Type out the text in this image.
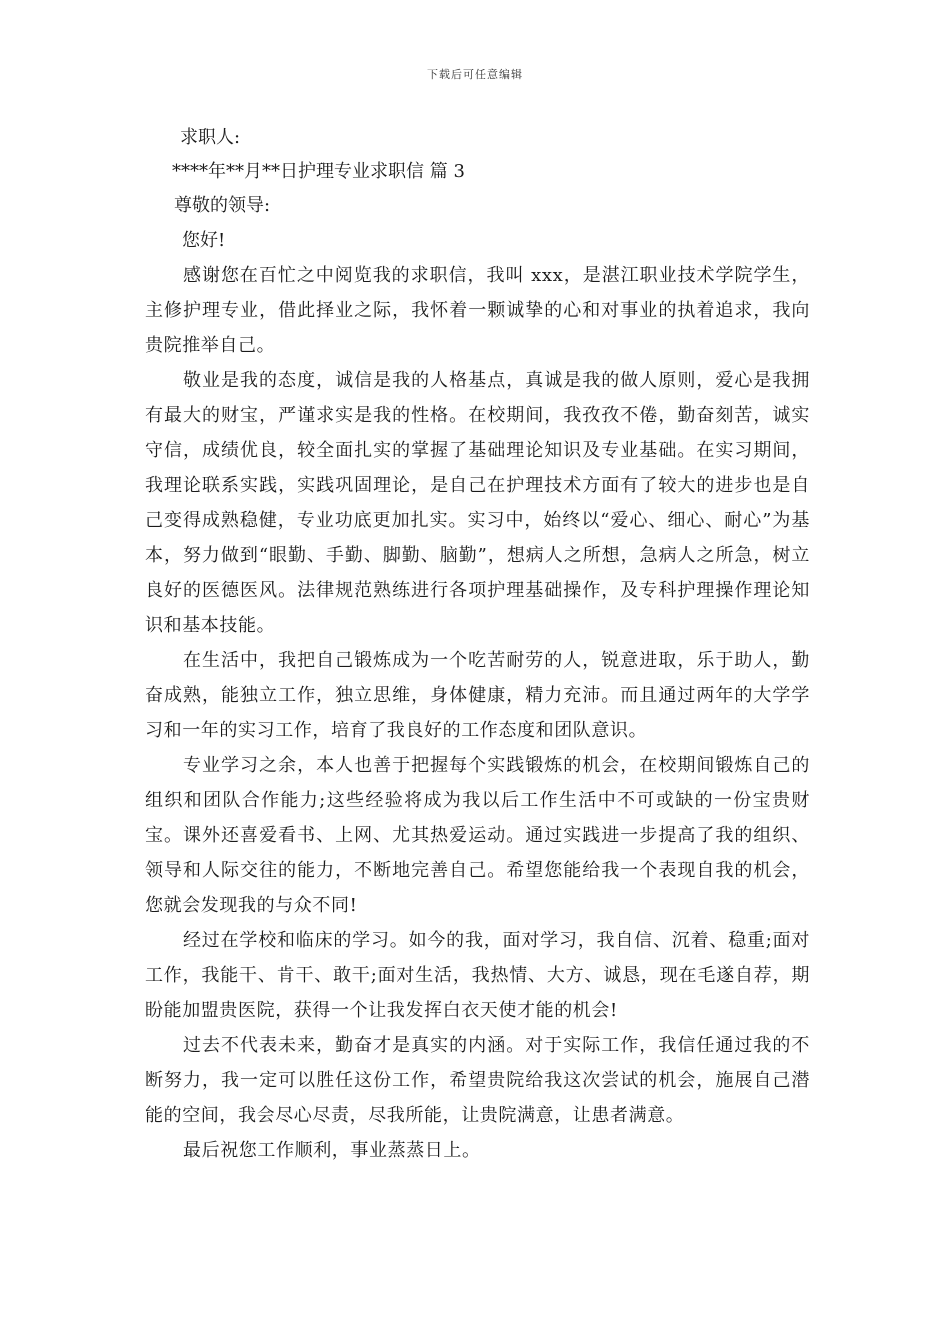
下载后可任意编辑
求职人:
****年**月**日护理专业求职信 篇 3
尊敬的领导:
您好!

感谢您在百忙之中阅览我的求职信，我叫 xxx，是湛江职业技术学院学生，主修护理专业，借此择业之际，我怀着一颗诚挚的心和对事业的执着追求，我向贵院推举自己。

敬业是我的态度，诚信是我的人格基点，真诚是我的做人原则，爱心是我拥有最大的财宝，严谨求实是我的性格。在校期间，我孜孜不倦，勤奋刻苦，诚实守信，成绩优良，较全面扎实的掌握了基础理论知识及专业基础。在实习期间，我理论联系实践，实践巩固理论，是自己在护理技术方面有了较大的进步也是自己变得成熟稳健，专业功底更加扎实。实习中，始终以“爱心、细心、耐心”为基本，努力做到“眼勤、手勤、脚勤、脑勤”，想病人之所想，急病人之所急，树立良好的医德医风。法律规范熟练进行各项护理基础操作，及专科护理操作理论知识和基本技能。

在生活中，我把自己锻炼成为一个吃苦耐劳的人，锐意进取，乐于助人，勤奋成熟，能独立工作，独立思维，身体健康，精力充沛。而且通过两年的大学学习和一年的实习工作，培育了我良好的工作态度和团队意识。

专业学习之余，本人也善于把握每个实践锻炼的机会，在校期间锻炼自己的组织和团队合作能力;这些经验将成为我以后工作生活中不可或缺的一份宝贵财宝。课外还喜爱看书、上网、尤其热爱运动。通过实践进一步提高了我的组织、领导和人际交往的能力，不断地完善自己。希望您能给我一个表现自我的机会，您就会发现我的与众不同!

经过在学校和临床的学习。如今的我，面对学习，我自信、沉着、稳重;面对工作，我能干、肯干、敢干;面对生活，我热情、大方、诚恳，现在毛遂自荐，期盼能加盟贵医院，获得一个让我发挥白衣天使才能的机会!

过去不代表未来，勤奋才是真实的内涵。对于实际工作，我信任通过我的不断努力，我一定可以胜任这份工作，希望贵院给我这次尝试的机会，施展自己潜能的空间，我会尽心尽责，尽我所能，让贵院满意，让患者满意。

最后祝您工作顺利，事业蒸蒸日上。
